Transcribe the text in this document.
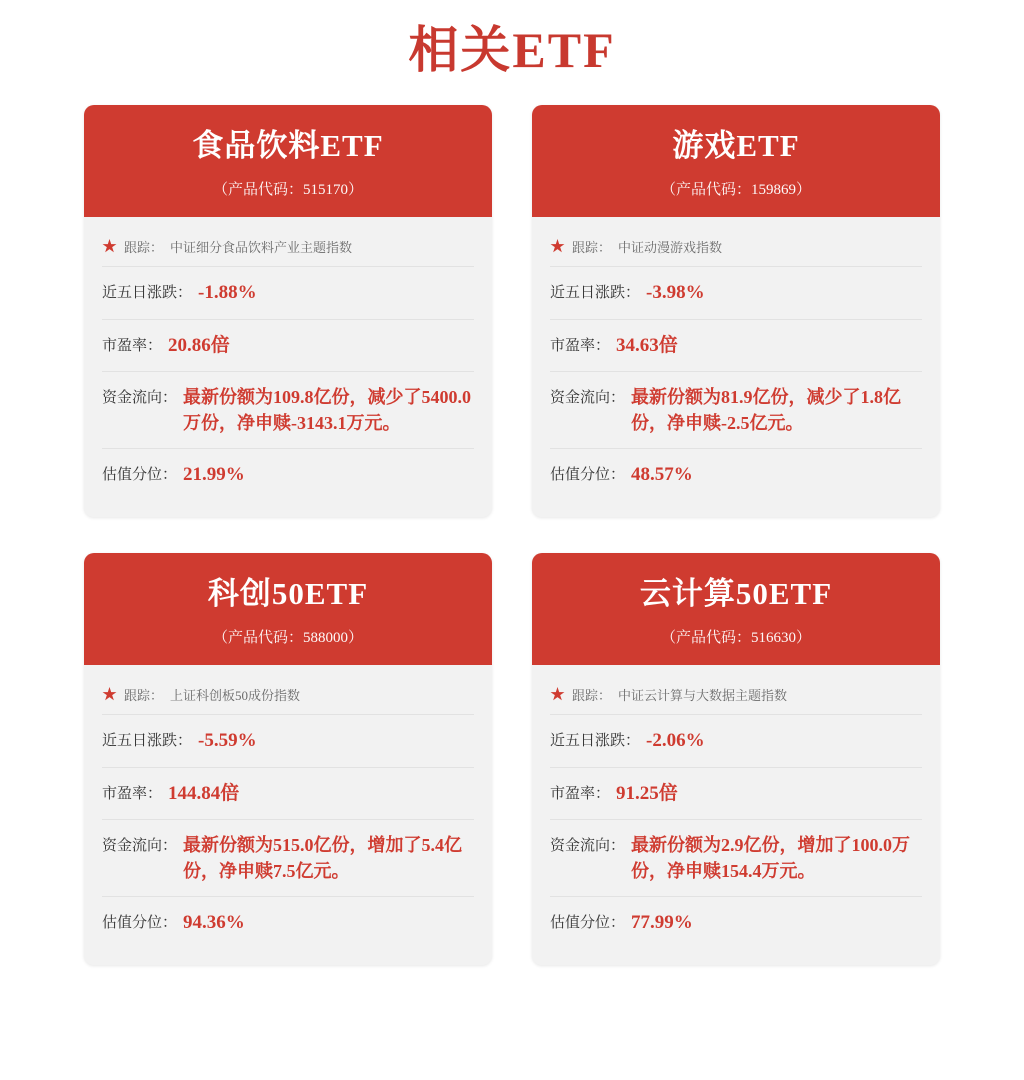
相关ETF
食品饮料ETF
（产品代码：515170）
★ 跟踪： 中证细分食品饮料产业主题指数
近五日涨跌： -1.88%
市盈率： 20.86倍
资金流向： 最新份额为109.8亿份，减少了5400.0万份，净申赎-3143.1万元。
估值分位： 21.99%
游戏ETF
（产品代码：159869）
★ 跟踪： 中证动漫游戏指数
近五日涨跌： -3.98%
市盈率： 34.63倍
资金流向： 最新份额为81.9亿份，减少了1.8亿份，净申赎-2.5亿元。
估值分位： 48.57%
科创50ETF
（产品代码：588000）
★ 跟踪： 上证科创板50成份指数
近五日涨跌： -5.59%
市盈率： 144.84倍
资金流向： 最新份额为515.0亿份，增加了5.4亿份，净申赎7.5亿元。
估值分位： 94.36%
云计算50ETF
（产品代码：516630）
★ 跟踪： 中证云计算与大数据主题指数
近五日涨跌： -2.06%
市盈率： 91.25倍
资金流向： 最新份额为2.9亿份，增加了100.0万份，净申赎154.4万元。
估值分位： 77.99%
